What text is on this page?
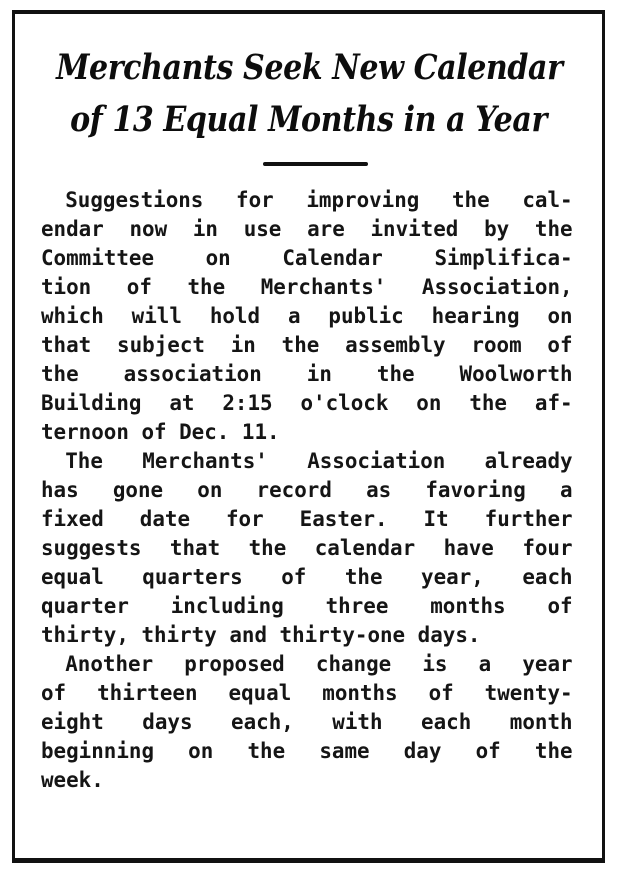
Merchants Seek New Calendar
of 13 Equal Months in a Year

Suggestions for improving the cal-
endar now in use are invited by the
Committee on Calendar Simplifica-
tion of the Merchants' Association,
which will hold a public hearing on
that subject in the assembly room of
the association in the Woolworth
Building at 2:15 o'clock on the af-
ternoon of Dec. 11.

The Merchants' Association already
has gone on record as favoring a
fixed date for Easter. It further
suggests that the calendar have four
equal quarters of the year, each
quarter including three months of
thirty, thirty and thirty-one days.

Another proposed change is a year
of thirteen equal months of twenty-
eight days each, with each month
beginning on the same day of the
week.
